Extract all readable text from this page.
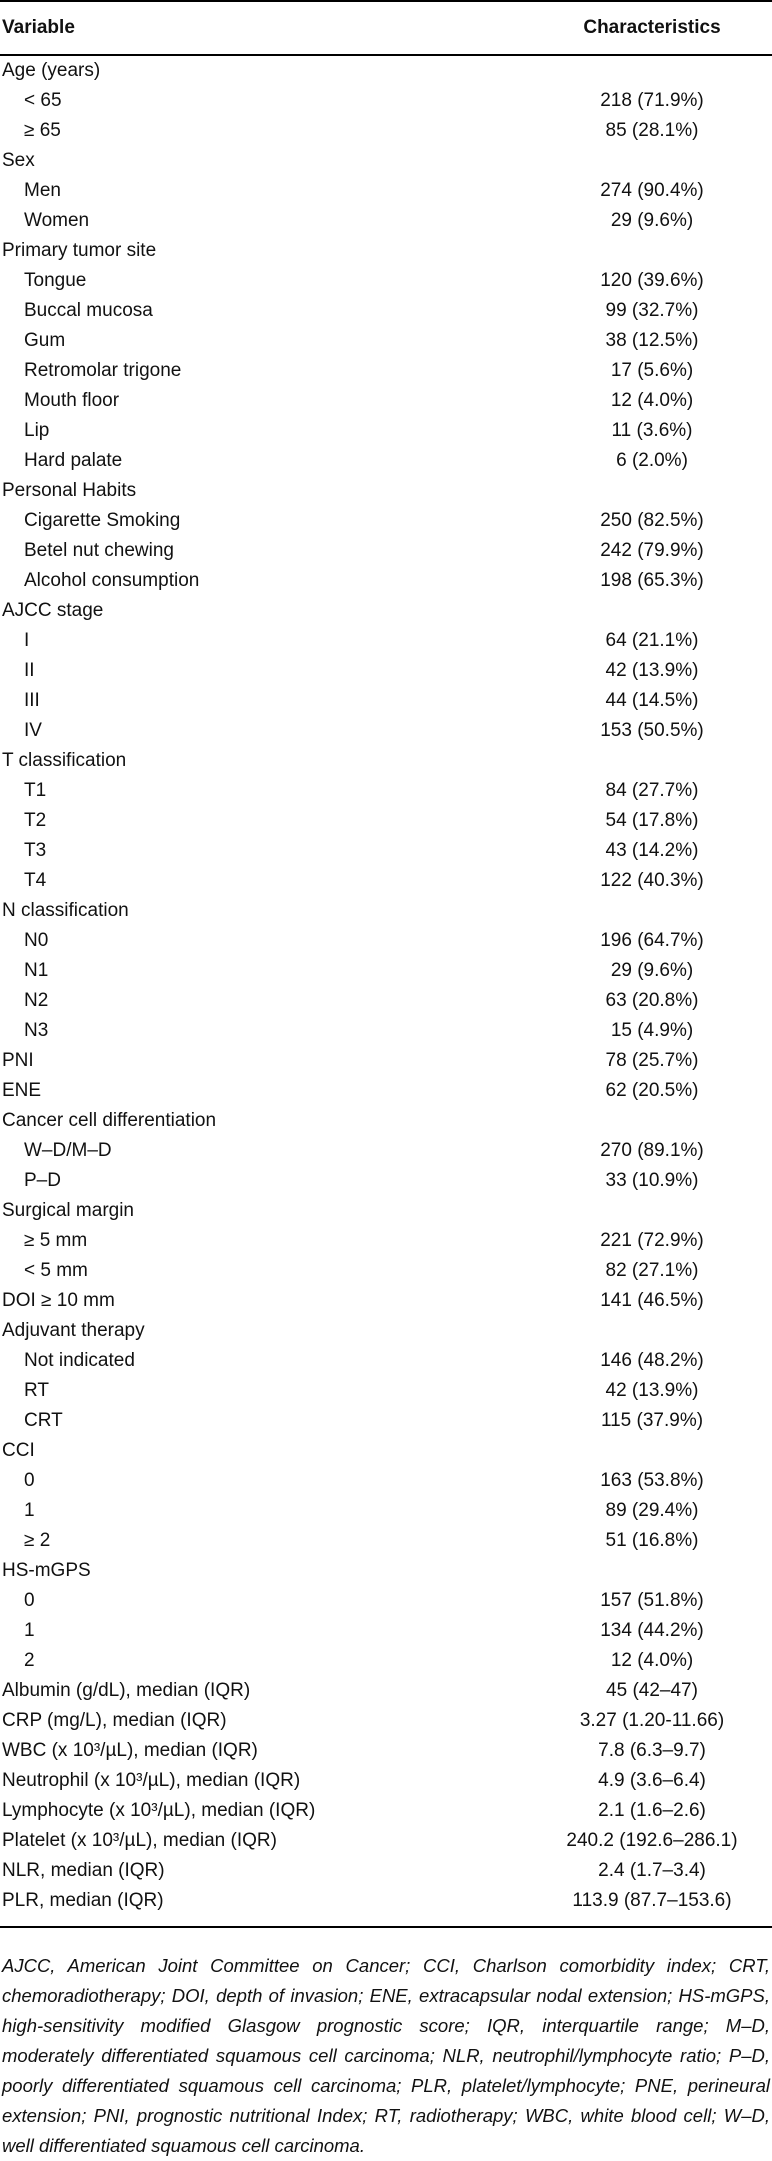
Variable	Characteristics
Age (years)	
< 65	218 (71.9%)
≥ 65	85 (28.1%)
Sex	
Men	274 (90.4%)
Women	29 (9.6%)
Primary tumor site	
Tongue	120 (39.6%)
Buccal mucosa	99 (32.7%)
Gum	38 (12.5%)
Retromolar trigone	17 (5.6%)
Mouth floor	12 (4.0%)
Lip	11 (3.6%)
Hard palate	6 (2.0%)
Personal Habits	
Cigarette Smoking	250 (82.5%)
Betel nut chewing	242 (79.9%)
Alcohol consumption	198 (65.3%)
AJCC stage	
I	64 (21.1%)
II	42 (13.9%)
III	44 (14.5%)
IV	153 (50.5%)
T classification	
T1	84 (27.7%)
T2	54 (17.8%)
T3	43 (14.2%)
T4	122 (40.3%)
N classification	
N0	196 (64.7%)
N1	29 (9.6%)
N2	63 (20.8%)
N3	15 (4.9%)
PNI	78 (25.7%)
ENE	62 (20.5%)
Cancer cell differentiation	
W–D/M–D	270 (89.1%)
P–D	33 (10.9%)
Surgical margin	
≥ 5 mm	221 (72.9%)
< 5 mm	82 (27.1%)
DOI ≥ 10 mm	141 (46.5%)
Adjuvant therapy	
Not indicated	146 (48.2%)
RT	42 (13.9%)
CRT	115 (37.9%)
CCI	
0	163 (53.8%)
1	89 (29.4%)
≥ 2	51 (16.8%)
HS-mGPS	
0	157 (51.8%)
1	134 (44.2%)
2	12 (4.0%)
Albumin (g/dL), median (IQR)	45 (42–47)
CRP (mg/L), median (IQR)	3.27 (1.20-11.66)
WBC (x 10³/µL), median (IQR)	7.8 (6.3–9.7)
Neutrophil (x 10³/µL), median (IQR)	4.9 (3.6–6.4)
Lymphocyte (x 10³/µL), median (IQR)	2.1 (1.6–2.6)
Platelet (x 10³/µL), median (IQR)	240.2 (192.6–286.1)
NLR, median (IQR)	2.4 (1.7–3.4)
PLR, median (IQR)	113.9 (87.7–153.6)

AJCC, American Joint Committee on Cancer; CCI, Charlson comorbidity index; CRT, chemoradiotherapy; DOI, depth of invasion; ENE, extracapsular nodal extension; HS-mGPS, high-sensitivity modified Glasgow prognostic score; IQR, interquartile range; M–D, moderately differentiated squamous cell carcinoma; NLR, neutrophil/lymphocyte ratio; P–D, poorly differentiated squamous cell carcinoma; PLR, platelet/lymphocyte; PNE, perineural extension; PNI, prognostic nutritional Index; RT, radiotherapy; WBC, white blood cell; W–D, well differentiated squamous cell carcinoma.
